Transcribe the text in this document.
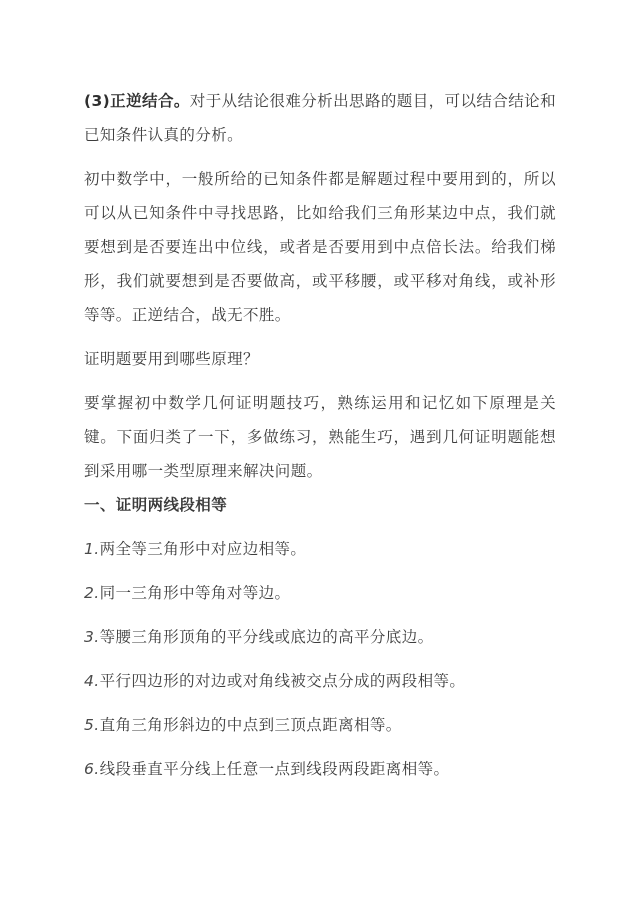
(3)正逆结合。对于从结论很难分析出思路的题目，可以结合结论和已知条件认真的分析。

初中数学中，一般所给的已知条件都是解题过程中要用到的，所以可以从已知条件中寻找思路，比如给我们三角形某边中点，我们就要想到是否要连出中位线，或者是否要用到中点倍长法。给我们梯形，我们就要想到是否要做高，或平移腰，或平移对角线，或补形等等。正逆结合，战无不胜。

证明题要用到哪些原理？

要掌握初中数学几何证明题技巧，熟练运用和记忆如下原理是关键。下面归类了一下，多做练习，熟能生巧，遇到几何证明题能想到采用哪一类型原理来解决问题。

一、证明两线段相等

1.两全等三角形中对应边相等。

2.同一三角形中等角对等边。

3.等腰三角形顶角的平分线或底边的高平分底边。

4.平行四边形的对边或对角线被交点分成的两段相等。

5.直角三角形斜边的中点到三顶点距离相等。

6.线段垂直平分线上任意一点到线段两段距离相等。
